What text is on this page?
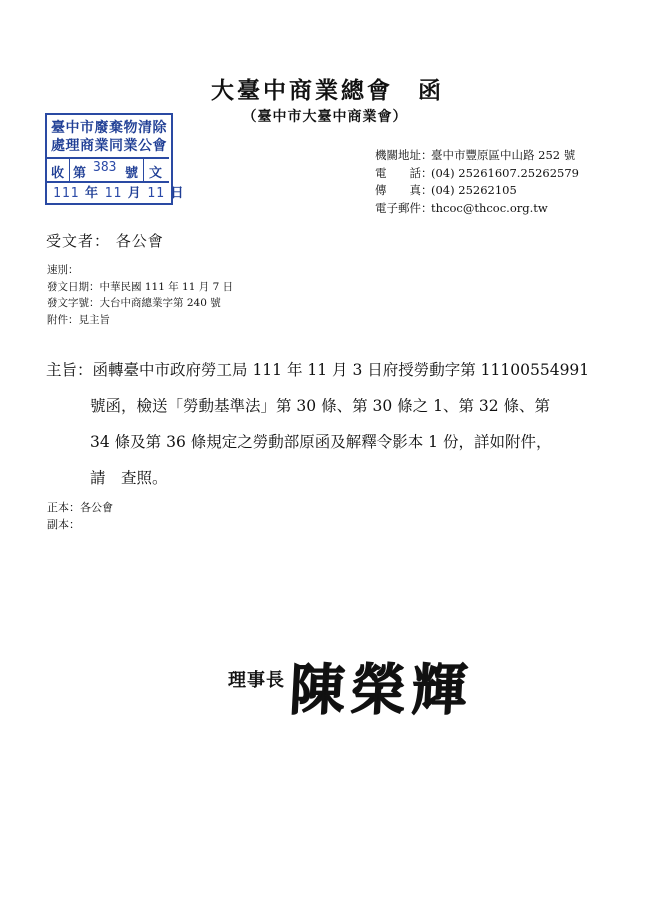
大臺中商業總會　 函
（臺中市大臺中商業會）
臺中市廢棄物清除
處理商業同業公會
收 第 383 號 文
111 年 11 月 11 日
機關地址：臺中市豐原區中山路 252 號
電　　話：(04) 25261607.25262579
傳　　真：(04) 25262105
電子郵件：thcoc@thcoc.org.tw
受文者： 各公會
速別：
發文日期：中華民國 111 年 11 月 7 日
發文字號：大台中商總業字第 240 號
附件：見主旨
主旨：函轉臺中市政府勞工局 111 年 11 月 3 日府授勞動字第 11100554991
號函，檢送「勞動基準法」第 30 條、第 30 條之 1、第 32 條、第
34 條及第 36 條規定之勞動部原函及解釋令影本 1 份，詳如附件，
請　查照。
正本：各公會
副本：
理事長 陳榮輝
